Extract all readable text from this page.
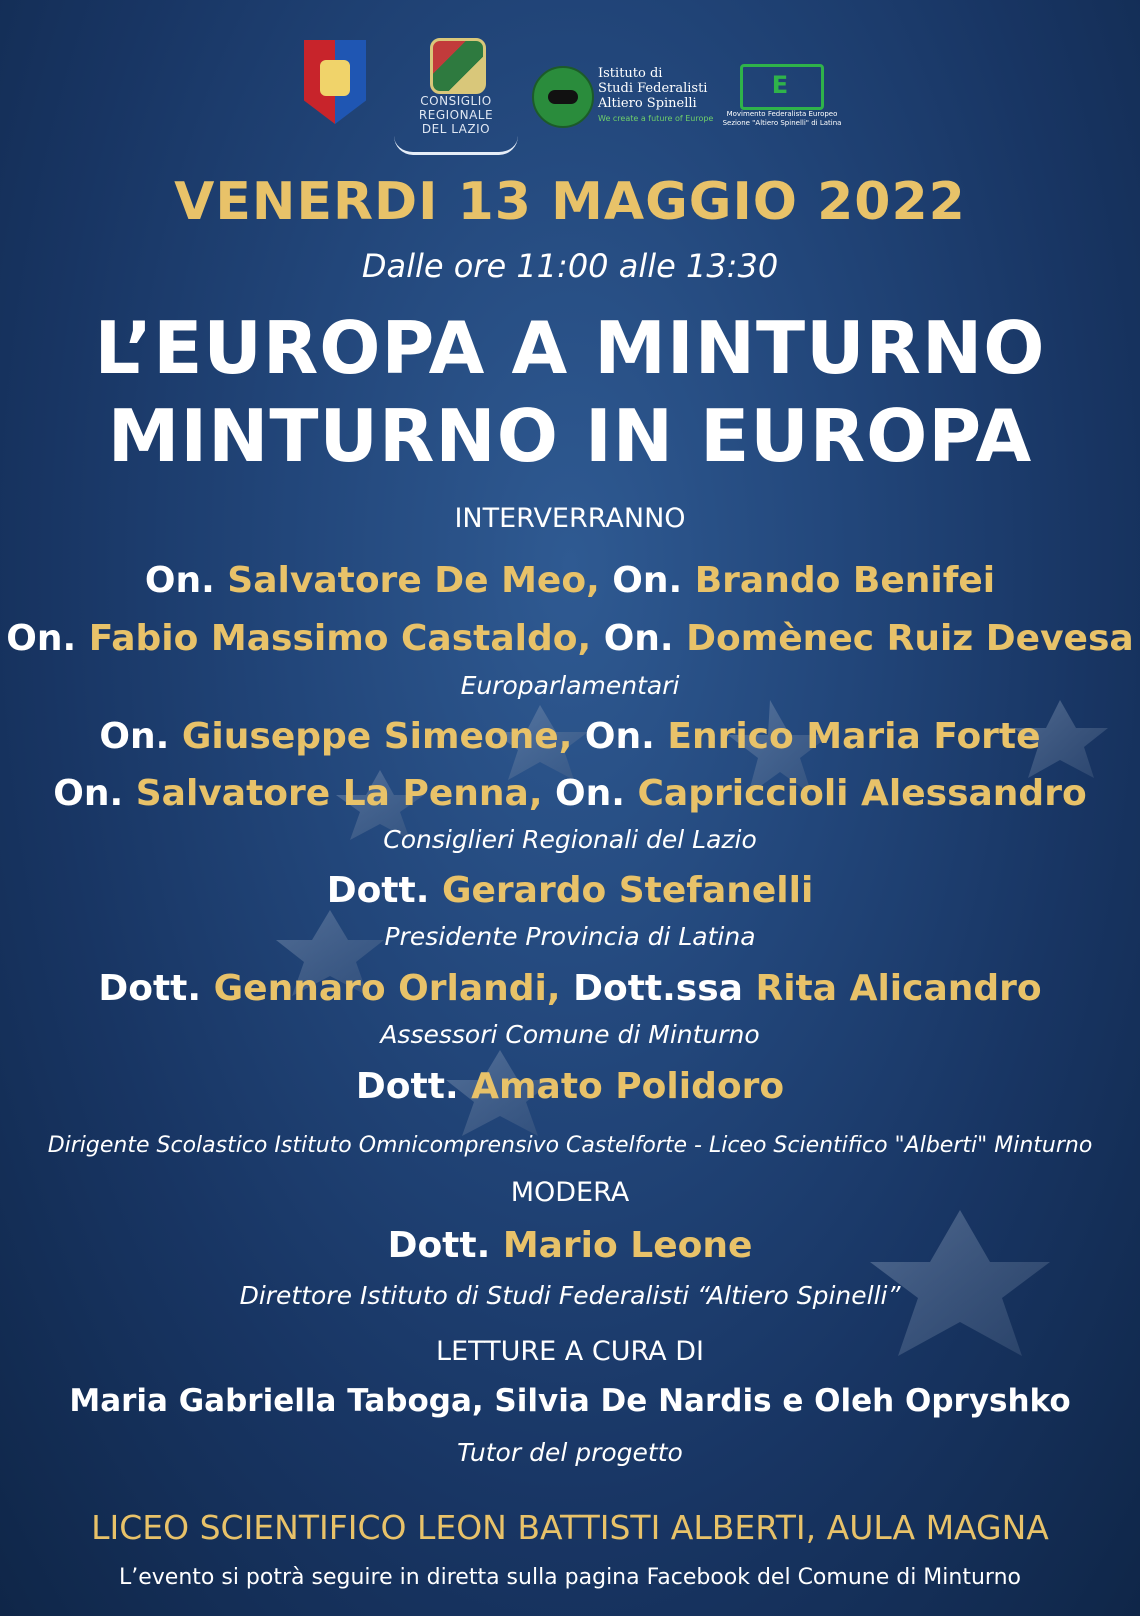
CONSIGLIO
REGIONALE
DEL LAZIO
Istituto di
Studi Federalisti
Altiero Spinelli
We create a future of Europe
E
Movimento Federalista Europeo
Sezione "Altiero Spinelli" di Latina
VENERDI 13 MAGGIO 2022
Dalle ore 11:00 alle 13:30
L’EUROPA A MINTURNO
MINTURNO IN EUROPA
INTERVERRANNO
On. Salvatore De Meo, On. Brando Benifei
On. Fabio Massimo Castaldo, On. Domènec Ruiz Devesa
Europarlamentari
On. Giuseppe Simeone, On. Enrico Maria Forte
On. Salvatore La Penna, On. Capriccioli Alessandro
Consiglieri Regionali del Lazio
Dott. Gerardo Stefanelli
Presidente Provincia di Latina
Dott. Gennaro Orlandi, Dott.ssa Rita Alicandro
Assessori Comune di Minturno
Dott. Amato Polidoro
Dirigente Scolastico Istituto Omnicomprensivo Castelforte - Liceo Scientifico "Alberti" Minturno
MODERA
Dott. Mario Leone
Direttore Istituto di Studi Federalisti “Altiero Spinelli”
LETTURE A CURA DI
Maria Gabriella Taboga, Silvia De Nardis e Oleh Opryshko
Tutor del progetto
LICEO SCIENTIFICO LEON BATTISTI ALBERTI, AULA MAGNA
L’evento si potrà seguire in diretta sulla pagina Facebook del Comune di Minturno
